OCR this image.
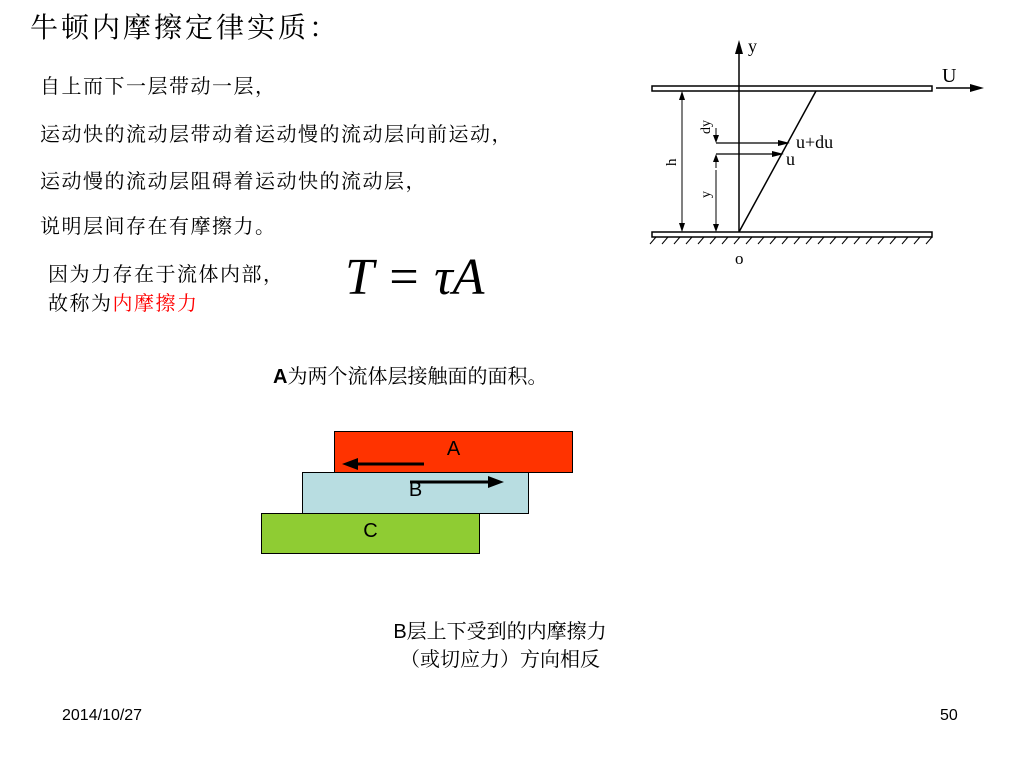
牛顿内摩擦定律实质：
自上而下一层带动一层，
运动快的流动层带动着运动慢的流动层向前运动，
运动慢的流动层阻碍着运动快的流动层，
说明层间存在有摩擦力。
因为力存在于流体内部，
故称为内摩擦力	T = τA
y
U
u+du
u
dy
y
h
o
A为两个流体层接触面的面积。
A
B
C
B层上下受到的内摩擦力
（或切应力）方向相反
2014/10/27	50
